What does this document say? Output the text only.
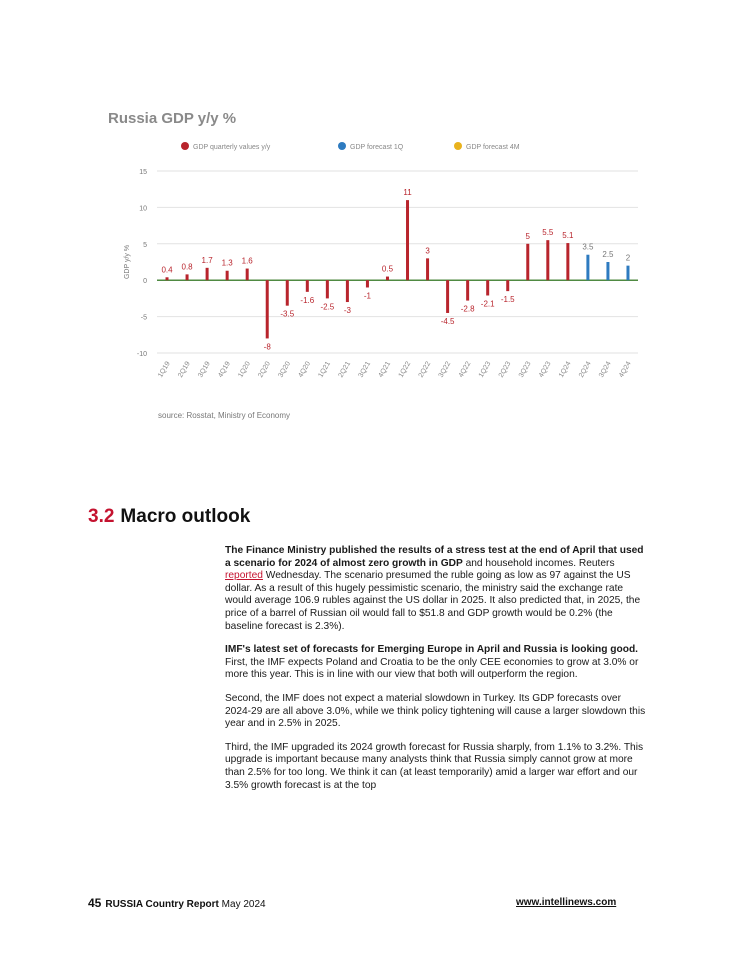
Russia GDP y/y %
-10
-5
0
5
10
15
GDP y/y %
GDP quarterly values y/y	GDP forecast 1Q	GDP forecast 4M
0.4 0.8
1.7 1.3 1.6
-8
-3.5
-1.6
-2.5 -3
-1
0.5
11
3
-4.5
-2.8
-2.1 -1.5
5 5.5 5.1
3.5
2.5 2
1Q19 2Q19 3Q19 4Q19 1Q20 2Q20 3Q20 4Q20 1Q21 2Q21 3Q21 4Q21 1Q22 2Q22 3Q22 4Q22 1Q23 2Q23 3Q23 4Q23 1Q24 2Q24 3Q24 4Q24
source: Rosstat, Ministry of Economy
3.2 Macro outlook

The Finance Ministry published the results of a stress test at the end of April that used a scenario for 2024 of almost zero growth in GDP and household incomes. Reuters reported Wednesday. The scenario presumed the ruble going as low as 97 against the US dollar. As a result of this hugely pessimistic scenario, the ministry said the exchange rate would average 106.9 rubles against the US dollar in 2025. It also predicted that, in 2025, the price of a barrel of Russian oil would fall to $51.8 and GDP growth would be 0.2% (the baseline forecast is 2.3%).

IMF's latest set of forecasts for Emerging Europe in April and Russia is looking good. First, the IMF expects Poland and Croatia to be the only CEE economies to grow at 3.0% or more this year. This is in line with our view that both will outperform the region.

Second, the IMF does not expect a material slowdown in Turkey. Its GDP forecasts over 2024-29 are all above 3.0%, while we think policy tightening will cause a larger slowdown this year and in 2.5% in 2025.

Third, the IMF upgraded its 2024 growth forecast for Russia sharply, from 1.1% to 3.2%. This upgrade is important because many analysts think that Russia simply cannot grow at more than 2.5% for too long. We think it can (at least temporarily) amid a larger war effort and our 3.5% growth forecast is at the top

45 RUSSIA Country Report May 2024	www.intellinews.com
